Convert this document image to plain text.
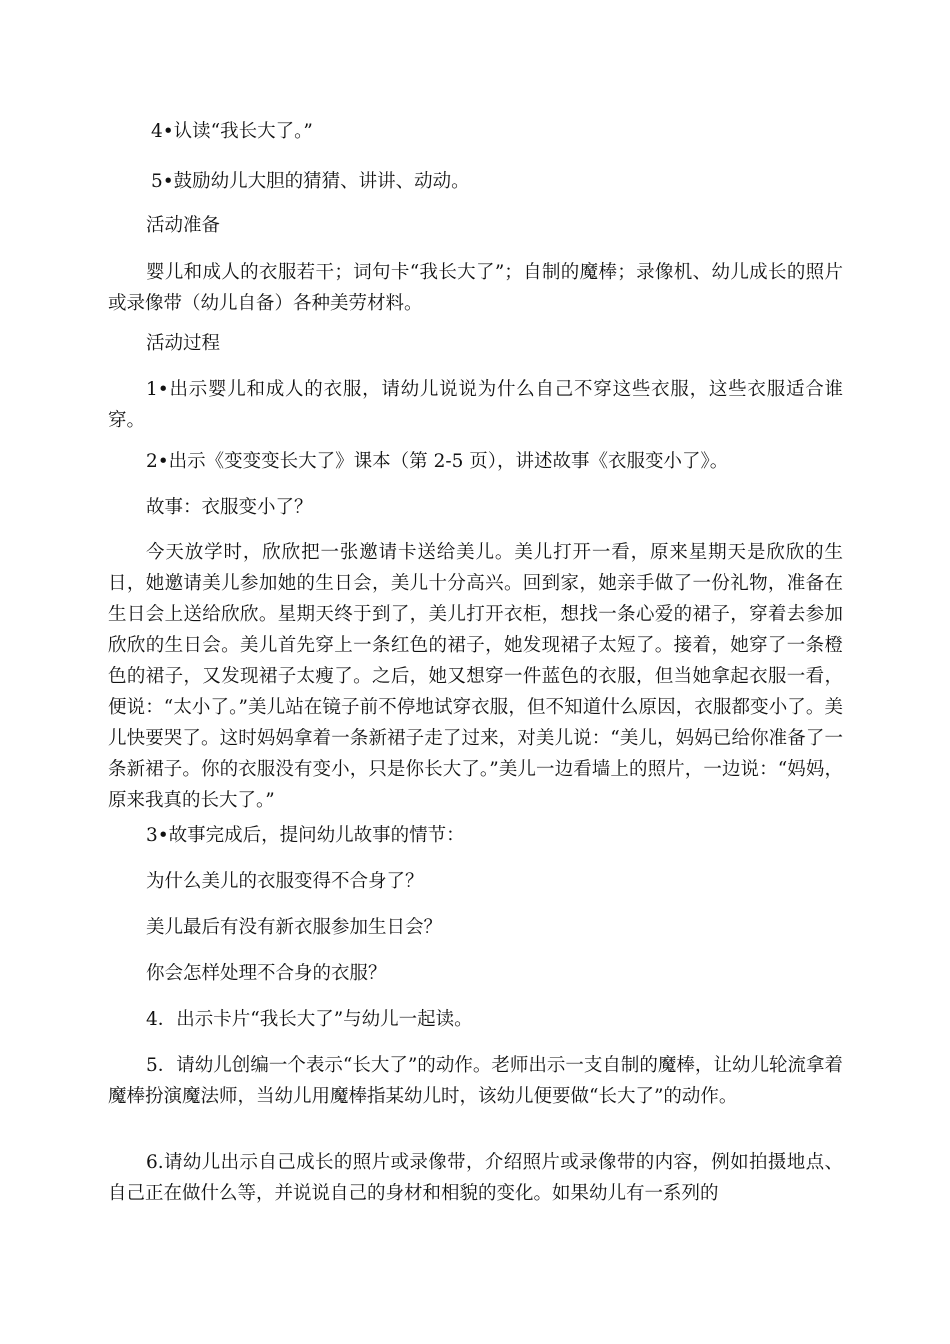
4•认读“我长大了。”

5•鼓励幼儿大胆的猜猜、讲讲、动动。

活动准备

婴儿和成人的衣服若干；词句卡“我长大了”；自制的魔棒；录像机、幼儿成长的照片或录像带（幼儿自备）各种美劳材料。

活动过程

1•出示婴儿和成人的衣服，请幼儿说说为什么自己不穿这些衣服，这些衣服适合谁穿。

2•出示《变变变长大了》课本（第 2-5 页），讲述故事《衣服变小了》。

故事：衣服变小了？

今天放学时，欣欣把一张邀请卡送给美儿。美儿打开一看，原来星期天是欣欣的生日，她邀请美儿参加她的生日会，美儿十分高兴。回到家，她亲手做了一份礼物，准备在生日会上送给欣欣。星期天终于到了，美儿打开衣柜，想找一条心爱的裙子，穿着去参加欣欣的生日会。美儿首先穿上一条红色的裙子，她发现裙子太短了。接着，她穿了一条橙色的裙子，又发现裙子太瘦了。之后，她又想穿一件蓝色的衣服，但当她拿起衣服一看，便说：“太小了。”美儿站在镜子前不停地试穿衣服，但不知道什么原因，衣服都变小了。美儿快要哭了。这时妈妈拿着一条新裙子走了过来，对美儿说：“美儿，妈妈已给你准备了一条新裙子。你的衣服没有变小，只是你长大了。”美儿一边看墙上的照片，一边说：“妈妈，原来我真的长大了。”

3•故事完成后，提问幼儿故事的情节：

为什么美儿的衣服变得不合身了？

美儿最后有没有新衣服参加生日会？

你会怎样处理不合身的衣服？

4．出示卡片“我长大了”与幼儿一起读。

5．请幼儿创编一个表示“长大了”的动作。老师出示一支自制的魔棒，让幼儿轮流拿着魔棒扮演魔法师，当幼儿用魔棒指某幼儿时，该幼儿便要做“长大了”的动作。

6.请幼儿出示自己成长的照片或录像带，介绍照片或录像带的内容，例如拍摄地点、自己正在做什么等，并说说自己的身材和相貌的变化。如果幼儿有一系列的
